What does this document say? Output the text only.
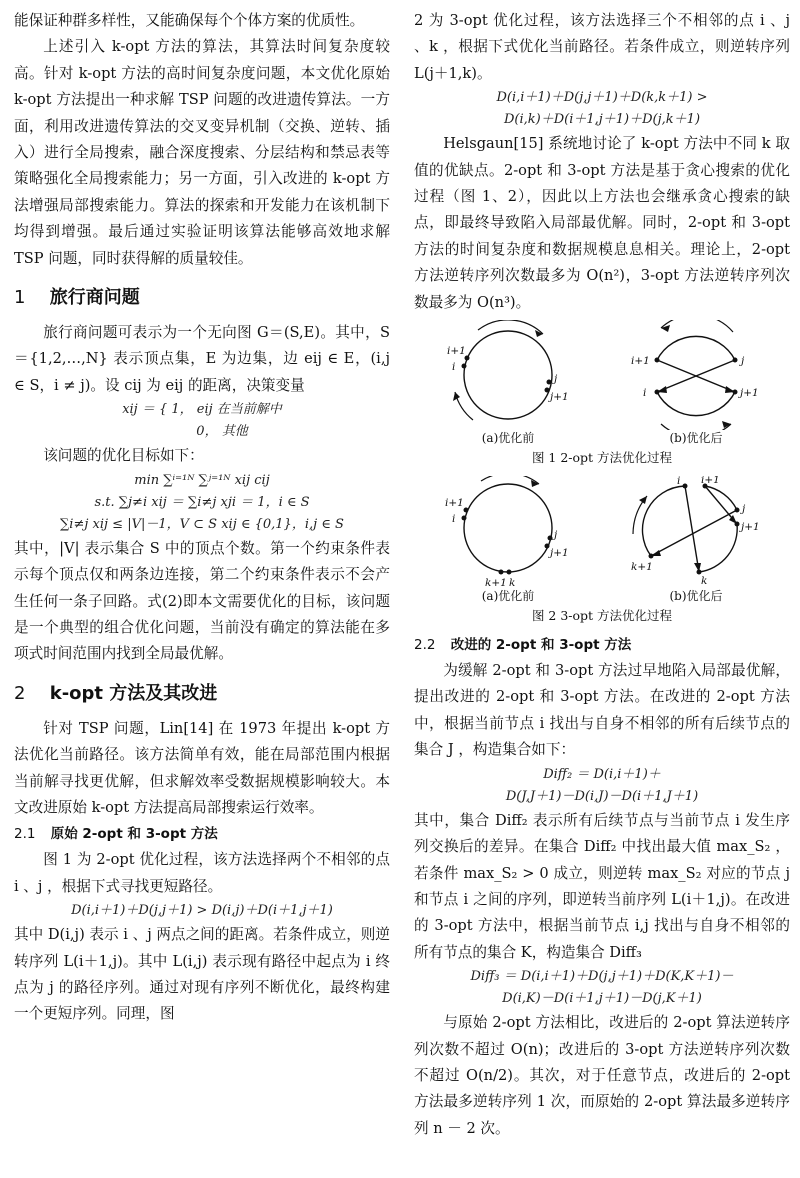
能保证种群多样性，又能确保每个个体方案的优质性。

上述引入 k-opt 方法的算法，其算法时间复杂度较高。针对 k-opt 方法的高时间复杂度问题，本文优化原始 k-opt 方法提出一种求解 TSP 问题的改进遗传算法。一方面，利用改进遗传算法的交叉变异机制（交换、逆转、插入）进行全局搜索，融合深度搜索、分层结构和禁忌表等策略强化全局搜索能力；另一方面，引入改进的 k-opt 方法增强局部搜索能力。算法的探索和开发能力在该机制下均得到增强。最后通过实验证明该算法能够高效地求解 TSP 问题，同时获得解的质量较佳。

1 旅行商问题

旅行商问题可表示为一个无向图 G＝(S,E)。其中，S＝{1,2,…,N} 表示顶点集，E 为边集，边 eij ∈ E，(i,j ∈ S，i ≠ j)。设 cij 为 eij 的距离，决策变量

xij ＝ { 1， eij 在当前解中
0， 其他

该问题的优化目标如下：

min ∑ⁱ⁼¹ᴺ ∑ʲ⁼¹ᴺ xij cij
s.t. ∑j≠i xij ＝ ∑i≠j xji ＝ 1，i ∈ S
∑i≠j xij ≤ |V|－1，V ⊂ S xij ∈ {0,1}，i,j ∈ S

其中，|V| 表示集合 S 中的顶点个数。第一个约束条件表示每个顶点仅和两条边连接，第二个约束条件表示不会产生任何一条子回路。式(2)即本文需要优化的目标，该问题是一个典型的组合优化问题，当前没有确定的算法能在多项式时间范围内找到全局最优解。

2 k-opt 方法及其改进

针对 TSP 问题，Lin[14] 在 1973 年提出 k-opt 方法优化当前路径。该方法简单有效，能在局部范围内根据当前解寻找更优解，但求解效率受数据规模影响较大。本文改进原始 k-opt 方法提高局部搜索运行效率。

2.1 原始 2-opt 和 3-opt 方法

图 1 为 2-opt 优化过程，该方法选择两个不相邻的点 i 、j ，根据下式寻找更短路径。

D(i,i＋1)＋D(j,j＋1) > D(i,j)＋D(i＋1,j＋1)

其中 D(i,j) 表示 i 、j 两点之间的距离。若条件成立，则逆转序列 L(i＋1,j)。其中 L(i,j) 表示现有路径中起点为 i 终点为 j 的路径序列。通过对现有序列不断优化，最终构建一个更短序列。同理，图

2 为 3-opt 优化过程，该方法选择三个不相邻的点 i 、j 、k ，根据下式优化当前路径。若条件成立，则逆转序列 L(j＋1,k)。

D(i,i＋1)＋D(j,j＋1)＋D(k,k＋1) >
D(i,k)＋D(i＋1,j＋1)＋D(j,k＋1)

Helsgaun[15] 系统地讨论了 k-opt 方法中不同 k 取值的优缺点。2-opt 和 3-opt 方法是基于贪心搜索的优化过程（图 1、2），因此以上方法也会继承贪心搜索的缺点，即最终导致陷入局部最优解。同时，2-opt 和 3-opt 方法的时间复杂度和数据规模息息相关。理论上，2-opt 方法逆转序列次数最多为 O(n²)，3-opt 方法逆转序列次数最多为 O(n³)。

i+1
i
j
j+1
(a)优化前
i+1
i
j
j+1
(b)优化后
图 1 2-opt 方法优化过程
i+1
i
j
j+1
k+1 k
(a)优化前
i i+1
j
j+1
k+1
k
(b)优化后
图 2 3-opt 方法优化过程
2.2 改进的 2-opt 和 3-opt 方法

为缓解 2-opt 和 3-opt 方法过早地陷入局部最优解，提出改进的 2-opt 和 3-opt 方法。在改进的 2-opt 方法中，根据当前节点 i 找出与自身不相邻的所有后续节点的集合 J ，构造集合如下：

Diff₂ ＝ D(i,i＋1)＋
D(J,J＋1)－D(i,J)－D(i＋1,J＋1)

其中，集合 Diff₂ 表示所有后续节点与当前节点 i 发生序列交换后的差异。在集合 Diff₂ 中找出最大值 max_S₂ ，若条件 max_S₂ > 0 成立，则逆转 max_S₂ 对应的节点 j 和节点 i 之间的序列，即逆转当前序列 L(i＋1,j)。在改进的 3-opt 方法中，根据当前节点 i,j 找出与自身不相邻的所有节点的集合 K，构造集合 Diff₃

Diff₃ ＝ D(i,i＋1)＋D(j,j＋1)＋D(K,K＋1)－
D(i,K)－D(i＋1,j＋1)－D(j,K＋1)

与原始 2-opt 方法相比，改进后的 2-opt 算法逆转序列次数不超过 O(n)；改进后的 3-opt 方法逆转序列次数不超过 O(n/2)。其次，对于任意节点，改进后的 2-opt 方法最多逆转序列 1 次，而原始的 2-opt 算法最多逆转序列 n － 2 次。
